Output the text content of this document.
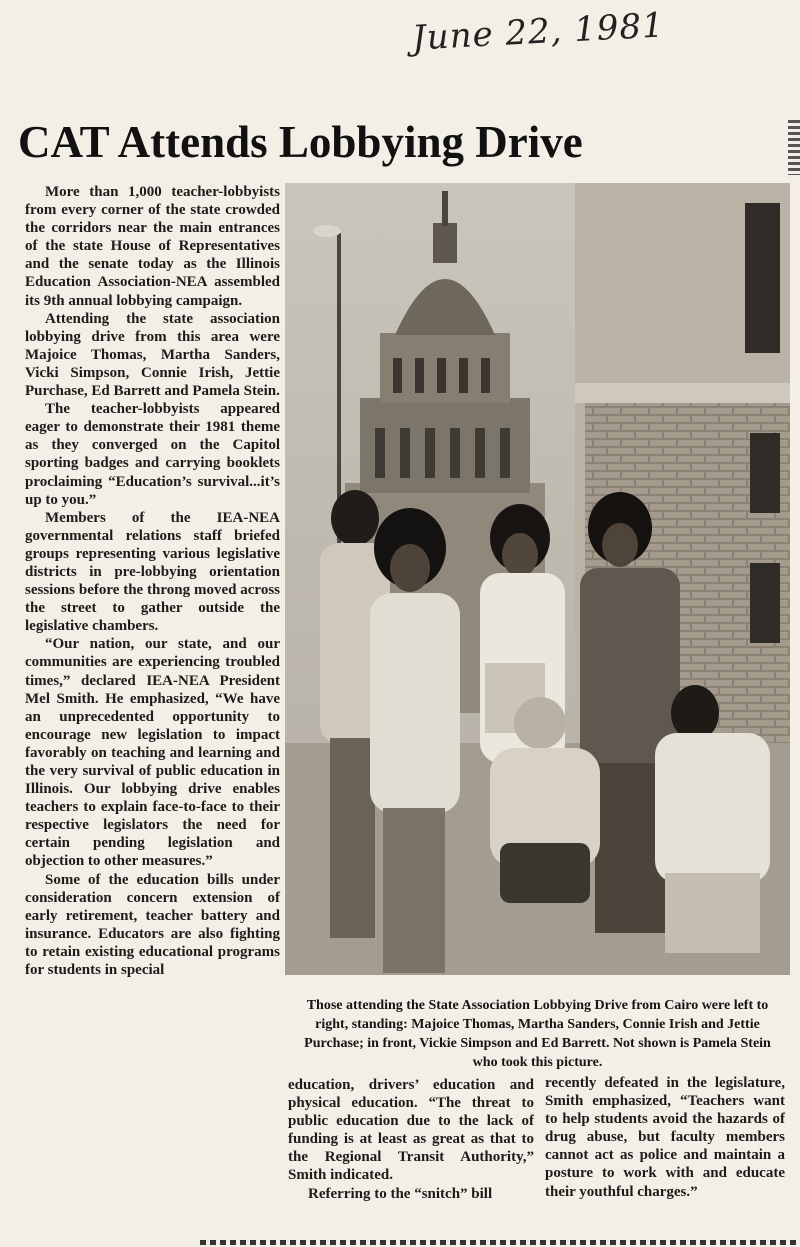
June 22, 1981
CAT Attends Lobbying Drive

More than 1,000 teacher-lobbyists from every corner of the state crowded the corridors near the main entrances of the state House of Representatives and the senate today as the Illinois Education Association-NEA assembled its 9th annual lobbying campaign.

Attending the state association lobbying drive from this area were Majoice Thomas, Martha Sanders, Vicki Simpson, Connie Irish, Jettie Purchase, Ed Barrett and Pamela Stein.

The teacher-lobbyists appeared eager to demonstrate their 1981 theme as they converged on the Capitol sporting badges and carrying booklets proclaiming “Education’s survival...it’s up to you.”

Members of the IEA-NEA governmental relations staff briefed groups representing various legislative districts in pre-lobbying orientation sessions before the throng moved across the street to gather outside the legislative chambers.

“Our nation, our state, and our communities are experiencing troubled times,” declared IEA-NEA President Mel Smith. He emphasized, “We have an unprecedented opportunity to encourage new legislation to impact favorably on teaching and learning and the very survival of public education in Illinois. Our lobbying drive enables teachers to explain face-to-face to their respective legislators the need for certain pending legislation and objection to other measures.”

Some of the education bills under consideration concern extension of early retirement, teacher battery and insurance. Educators are also fighting to retain existing educational programs for students in special

Those attending the State Association Lobbying Drive from Cairo were left to right, standing: Majoice Thomas, Martha Sanders, Connie Irish and Jettie Purchase; in front, Vickie Simpson and Ed Barrett. Not shown is Pamela Stein who took this picture.

education, drivers’ education and physical education. “The threat to public education due to the lack of funding is at least as great as that to the Regional Transit Authority,” Smith indicated.

Referring to the “snitch” bill

recently defeated in the legislature, Smith emphasized, “Teachers want to help students avoid the hazards of drug abuse, but faculty members cannot act as police and maintain a posture to work with and educate their youthful charges.”
